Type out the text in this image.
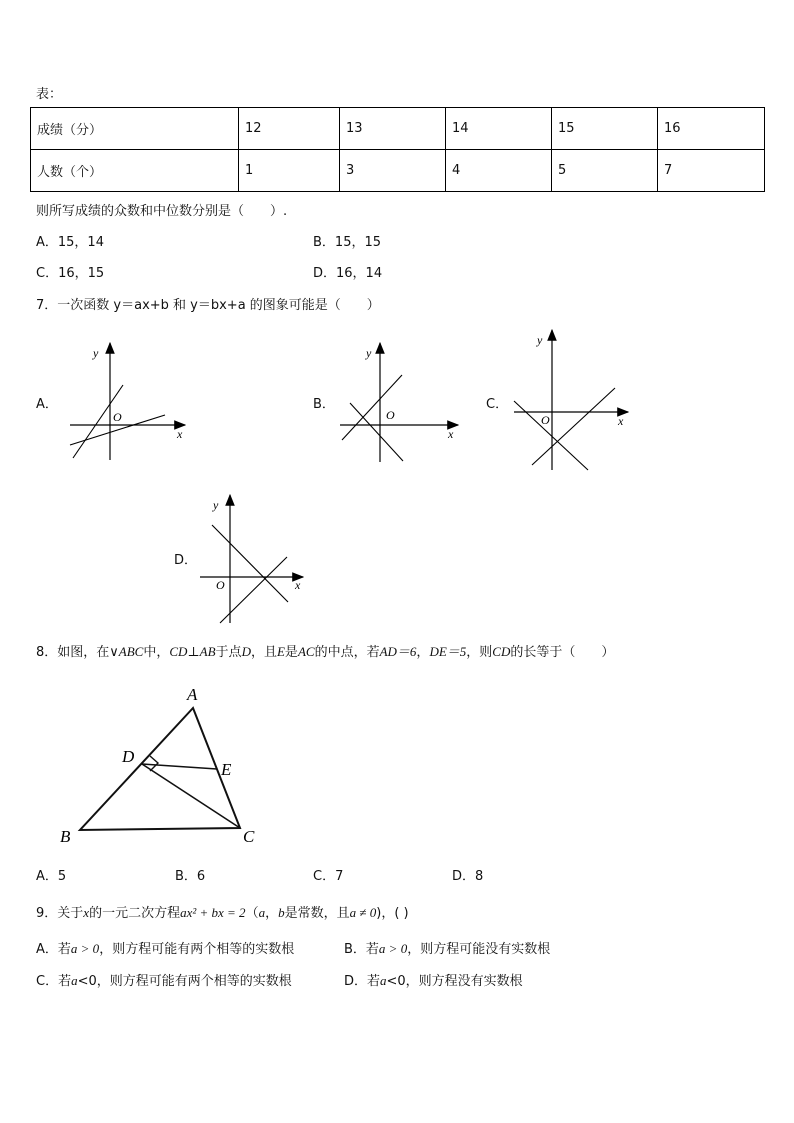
表：
成绩（分）	12	13	14	15	16
人数（个）	1	3	4	5	7
则所写成绩的众数和中位数分别是（　　）.
A．15，14	B．15，15
C．16，15	D．16，14
7．一次函数 y＝ax+b 和 y＝bx+a 的图象可能是（　　）
A．	B．	C．
D．
x
y
O
x
y
O	x
y
O
x
y
O
8．如图，在∨ABC中，CD⊥AB于点D，且E是AC的中点，若AD＝6，DE＝5，则CD的长等于（　　）
A
B	C
D
E
A．5	B．6	C．7	D．8
9．关于x的一元二次方程ax² + bx = 2（a，b是常数，且a ≠ 0)，( )
A．若a > 0，则方程可能有两个相等的实数根	B．若a > 0，则方程可能没有实数根
C．若a<0，则方程可能有两个相等的实数根	D．若a<0，则方程没有实数根
